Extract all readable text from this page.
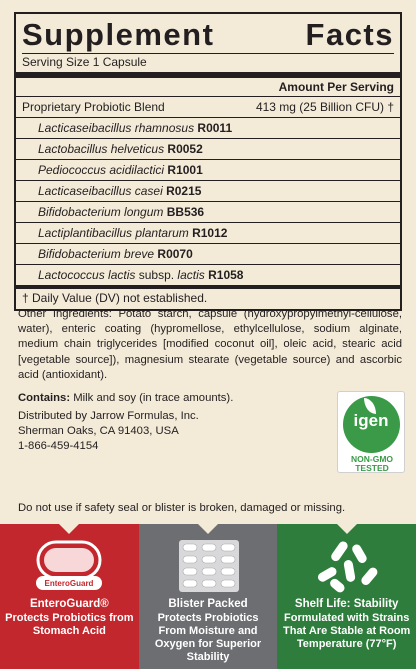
Supplement	Facts
Serving Size 1 Capsule
Amount Per Serving
Proprietary Probiotic Blend	413 mg (25 Billion CFU) †
Lacticaseibacillus rhamnosus R0011
Lactobacillus helveticus R0052
Pediococcus acidilactici R1001
Lacticaseibacillus casei R0215
Bifidobacterium longum BB536
Lactiplantibacillus plantarum R1012
Bifidobacterium breve R0070
Lactococcus lactis subsp. lactis R1058
† Daily Value (DV) not established.
Other Ingredients: Potato starch, capsule (hydroxypropylmethyl-cellulose, water), enteric coating (hypromellose, ethylcellulose, sodium alginate, medium chain triglycerides [modified coconut oil], oleic acid, stearic acid [vegetable source]), magnesium stearate (vegetable source) and ascorbic acid (antioxidant).
Contains: Milk and soy (in trace amounts).
Distributed by Jarrow Formulas, Inc.
Sherman Oaks, CA 91403, USA
1-866-459-4154
igen
NON-GMO
TESTED
Do not use if safety seal or blister is broken, damaged or missing.
EnteroGuard
EnteroGuard®
Protects Probiotics from Stomach Acid
Blister Packed
Protects Probiotics From Moisture and Oxygen for Superior Stability
Shelf Life: Stability
Formulated with Strains That Are Stable at Room Temperature (77°F)
